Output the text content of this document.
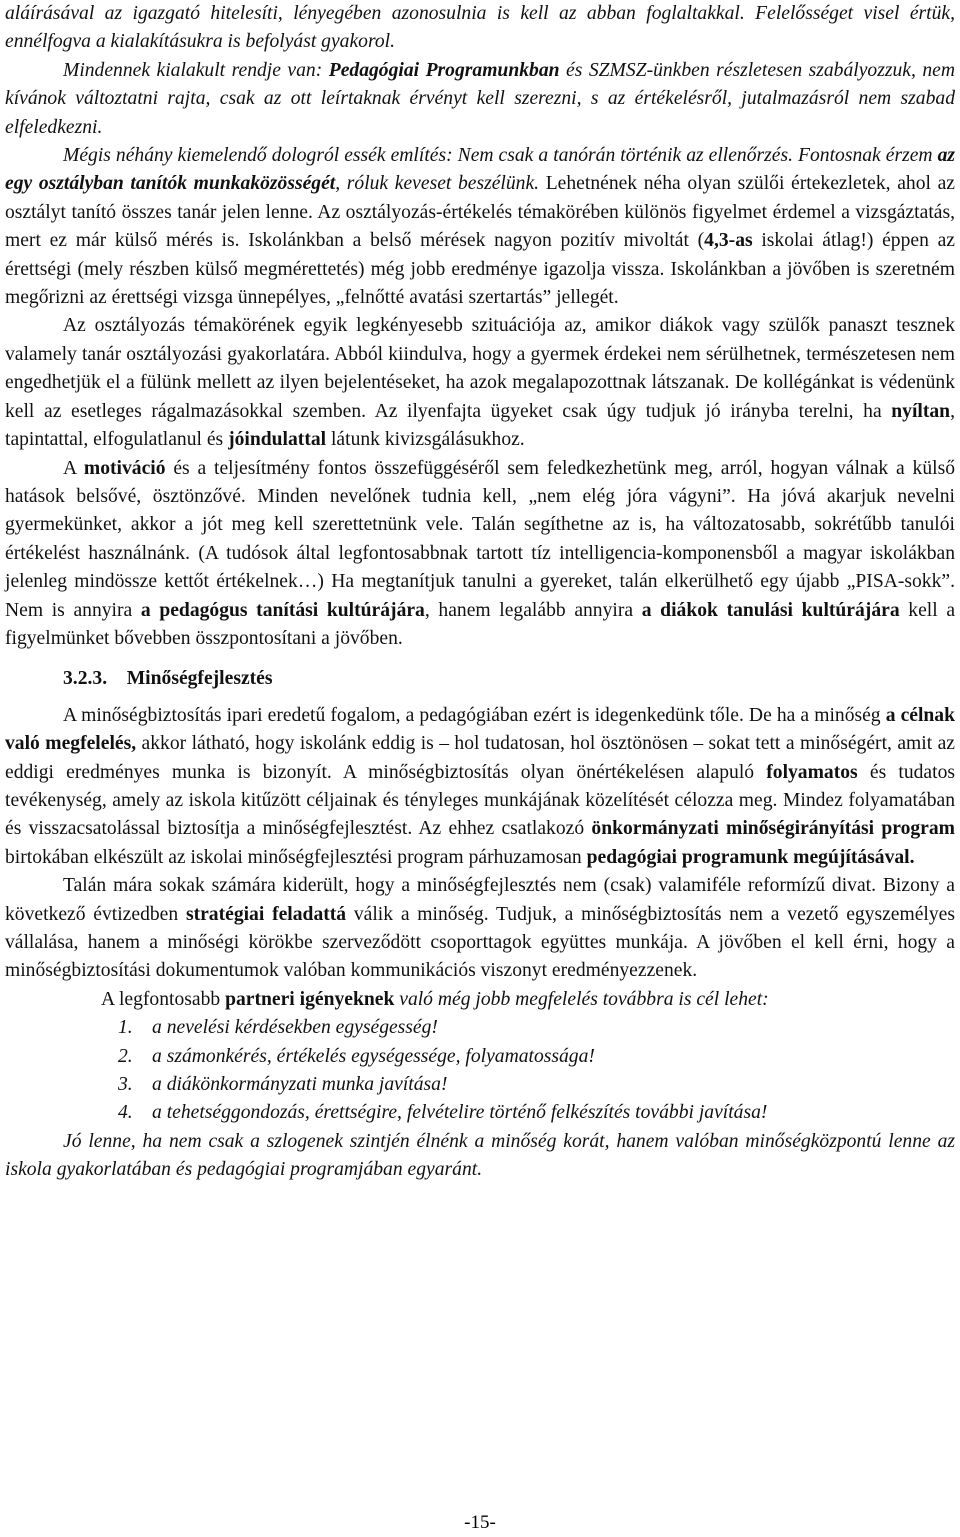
aláírásával az igazgató hitelesíti, lényegében azonosulnia is kell az abban foglaltakkal. Felelősséget visel értük, ennélfogva a kialakításukra is befolyást gyakorol.

Mindennek kialakult rendje van: Pedagógiai Programunkban és SZMSZ-ünkben részletesen szabályozzuk, nem kívánok változtatni rajta, csak az ott leírtaknak érvényt kell szerezni, s az értékelésről, jutalmazásról nem szabad elfeledkezni.

Mégis néhány kiemelendő dologról essék említés: Nem csak a tanórán történik az ellenőrzés. Fontosnak érzem az egy osztályban tanítók munkaközösségét, róluk keveset beszélünk. Lehetnének néha olyan szülői értekezletek, ahol az osztályt tanító összes tanár jelen lenne. Az osztályozás-értékelés témakörében különös figyelmet érdemel a vizsgáztatás, mert ez már külső mérés is. Iskolánkban a belső mérések nagyon pozitív mivoltát (4,3-as iskolai átlag!) éppen az érettségi (mely részben külső megmérettetés) még jobb eredménye igazolja vissza. Iskolánkban a jövőben is szeretném megőrizni az érettségi vizsga ünnepélyes, „felnőtté avatási szertartás” jellegét.

Az osztályozás témakörének egyik legkényesebb szituációja az, amikor diákok vagy szülők panaszt tesznek valamely tanár osztályozási gyakorlatára. Abból kiindulva, hogy a gyermek érdekei nem sérülhetnek, természetesen nem engedhetjük el a fülünk mellett az ilyen bejelentéseket, ha azok megalapozottnak látszanak. De kollégánkat is védenünk kell az esetleges rágalmazásokkal szemben. Az ilyenfajta ügyeket csak úgy tudjuk jó irányba terelni, ha nyíltan, tapintattal, elfogulatlanul és jóindulattal látunk kivizsgálásukhoz.

A motiváció és a teljesítmény fontos összefüggéséről sem feledkezhetünk meg, arról, hogyan válnak a külső hatások belsővé, ösztönzővé. Minden nevelőnek tudnia kell, „nem elég jóra vágyni”. Ha jóvá akarjuk nevelni gyermekünket, akkor a jót meg kell szerettetnünk vele. Talán segíthetne az is, ha változatosabb, sokrétűbb tanulói értékelést használnánk. (A tudósok által legfontosabbnak tartott tíz intelligencia-komponensből a magyar iskolákban jelenleg mindössze kettőt értékelnek…) Ha megtanítjuk tanulni a gyereket, talán elkerülhető egy újabb „PISA-sokk”. Nem is annyira a pedagógus tanítási kultúrájára, hanem legalább annyira a diákok tanulási kultúrájára kell a figyelmünket bővebben összpontosítani a jövőben.

3.2.3. Minőségfejlesztés

A minőségbiztosítás ipari eredetű fogalom, a pedagógiában ezért is idegenkedünk tőle. De ha a minőség a célnak való megfelelés, akkor látható, hogy iskolánk eddig is – hol tudatosan, hol ösztönösen – sokat tett a minőségért, amit az eddigi eredményes munka is bizonyít. A minőségbiztosítás olyan önértékelésen alapuló folyamatos és tudatos tevékenység, amely az iskola kitűzött céljainak és tényleges munkájának közelítését célozza meg. Mindez folyamatában és visszacsatolással biztosítja a minőségfejlesztést. Az ehhez csatlakozó önkormányzati minőségirányítási program birtokában elkészült az iskolai minőségfejlesztési program párhuzamosan pedagógiai programunk megújításával.

Talán mára sokak számára kiderült, hogy a minőségfejlesztés nem (csak) valamiféle reformízű divat. Bizony a következő évtizedben stratégiai feladattá válik a minőség. Tudjuk, a minőségbiztosítás nem a vezető egyszemélyes vállalása, hanem a minőségi körökbe szerveződött csoporttagok együttes munkája. A jövőben el kell érni, hogy a minőségbiztosítási dokumentumok valóban kommunikációs viszonyt eredményezzenek.

A legfontosabb partneri igényeknek való még jobb megfelelés továbbra is cél lehet:

1. a nevelési kérdésekben egységesség!
2. a számonkérés, értékelés egységessége, folyamatossága!
3. a diákönkormányzati munka javítása!
4. a tehetséggondozás, érettségire, felvételire történő felkészítés további javítása!

Jó lenne, ha nem csak a szlogenek szintjén élnénk a minőség korát, hanem valóban minőségközpontú lenne az iskola gyakorlatában és pedagógiai programjában egyaránt.

-15-
